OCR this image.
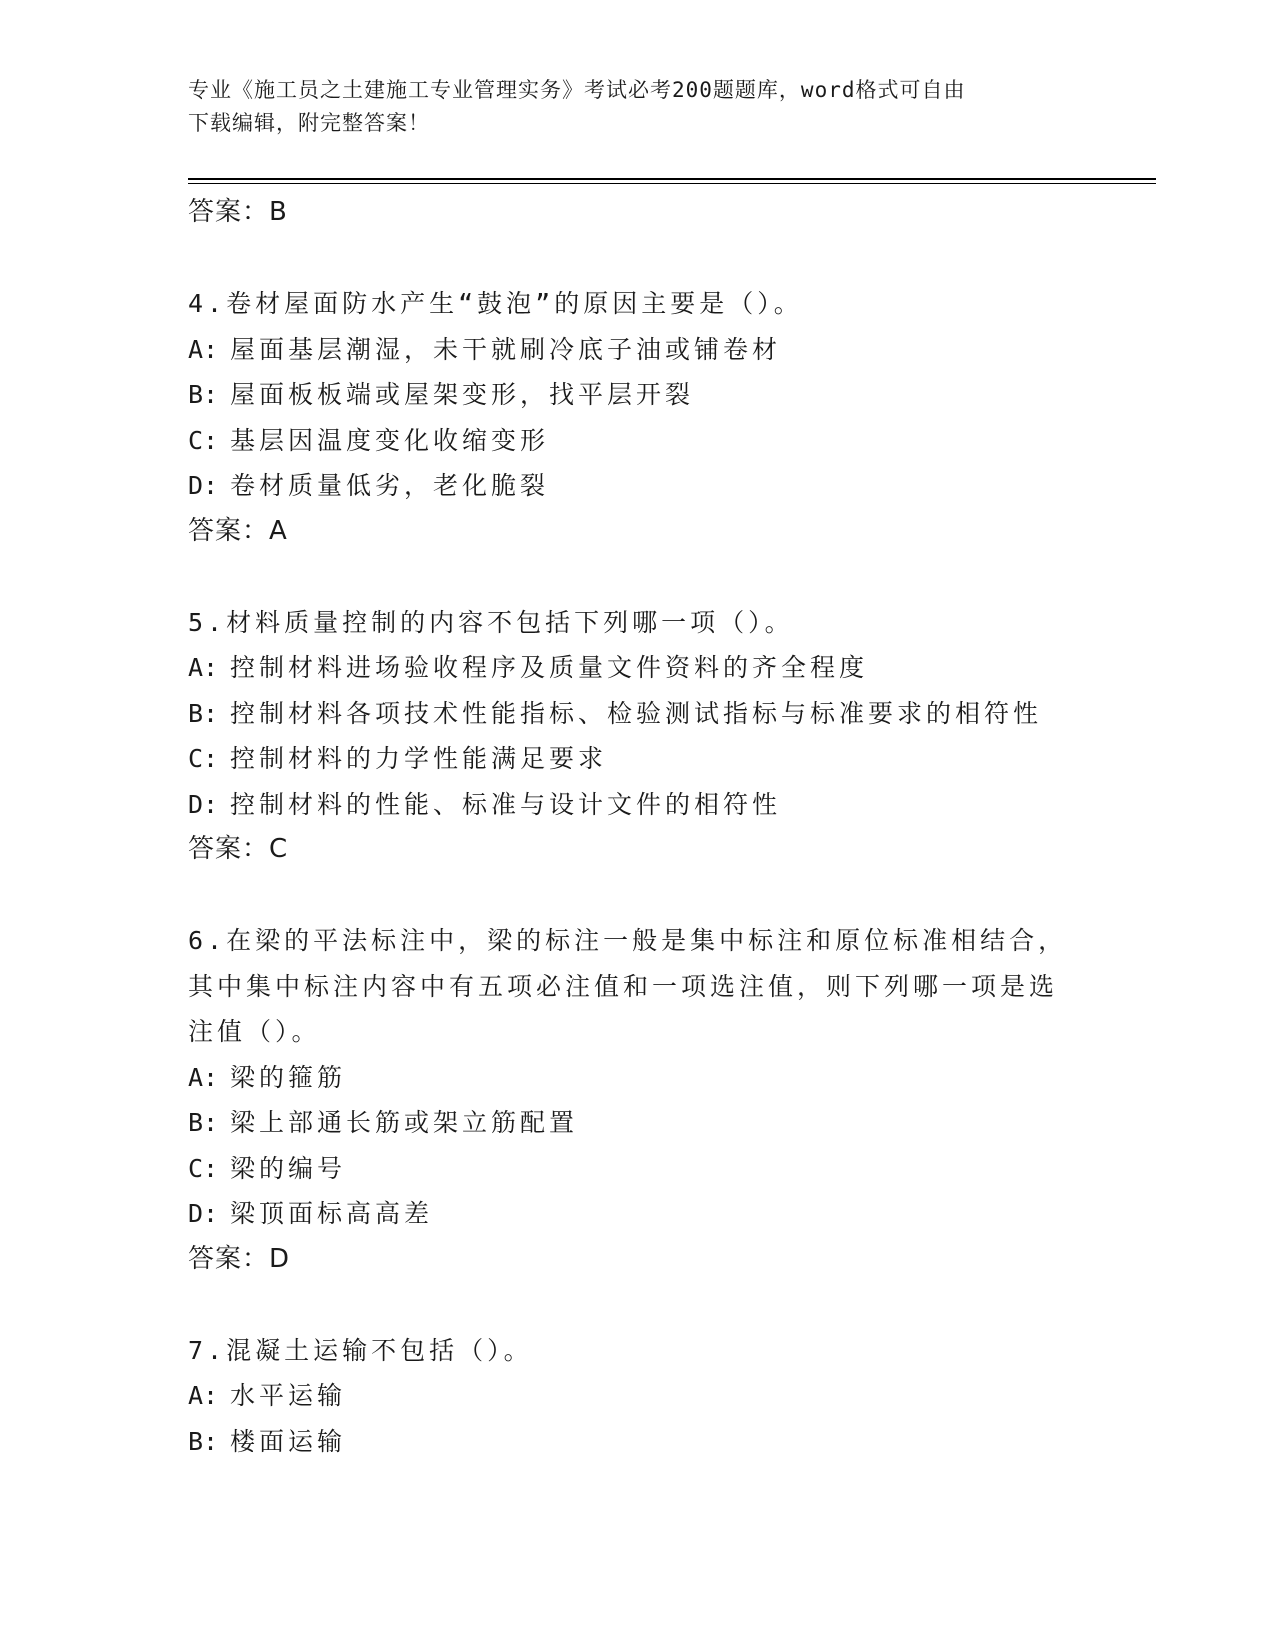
专业《施工员之土建施工专业管理实务》考试必考200题题库，word格式可自由
下载编辑，附完整答案！
答案：B
4.卷材屋面防水产生“鼓泡”的原因主要是（）。
A: 屋面基层潮湿，未干就刷冷底子油或铺卷材
B: 屋面板板端或屋架变形，找平层开裂
C: 基层因温度变化收缩变形
D: 卷材质量低劣，老化脆裂
答案：A
5.材料质量控制的内容不包括下列哪一项（）。
A: 控制材料进场验收程序及质量文件资料的齐全程度
B: 控制材料各项技术性能指标、检验测试指标与标准要求的相符性
C: 控制材料的力学性能满足要求
D: 控制材料的性能、标准与设计文件的相符性
答案：C
6.在梁的平法标注中，梁的标注一般是集中标注和原位标准相结合，
其中集中标注内容中有五项必注值和一项选注值，则下列哪一项是选
注值（）。
A: 梁的箍筋
B: 梁上部通长筋或架立筋配置
C: 梁的编号
D: 梁顶面标高高差
答案：D
7.混凝土运输不包括（）。
A: 水平运输
B: 楼面运输
